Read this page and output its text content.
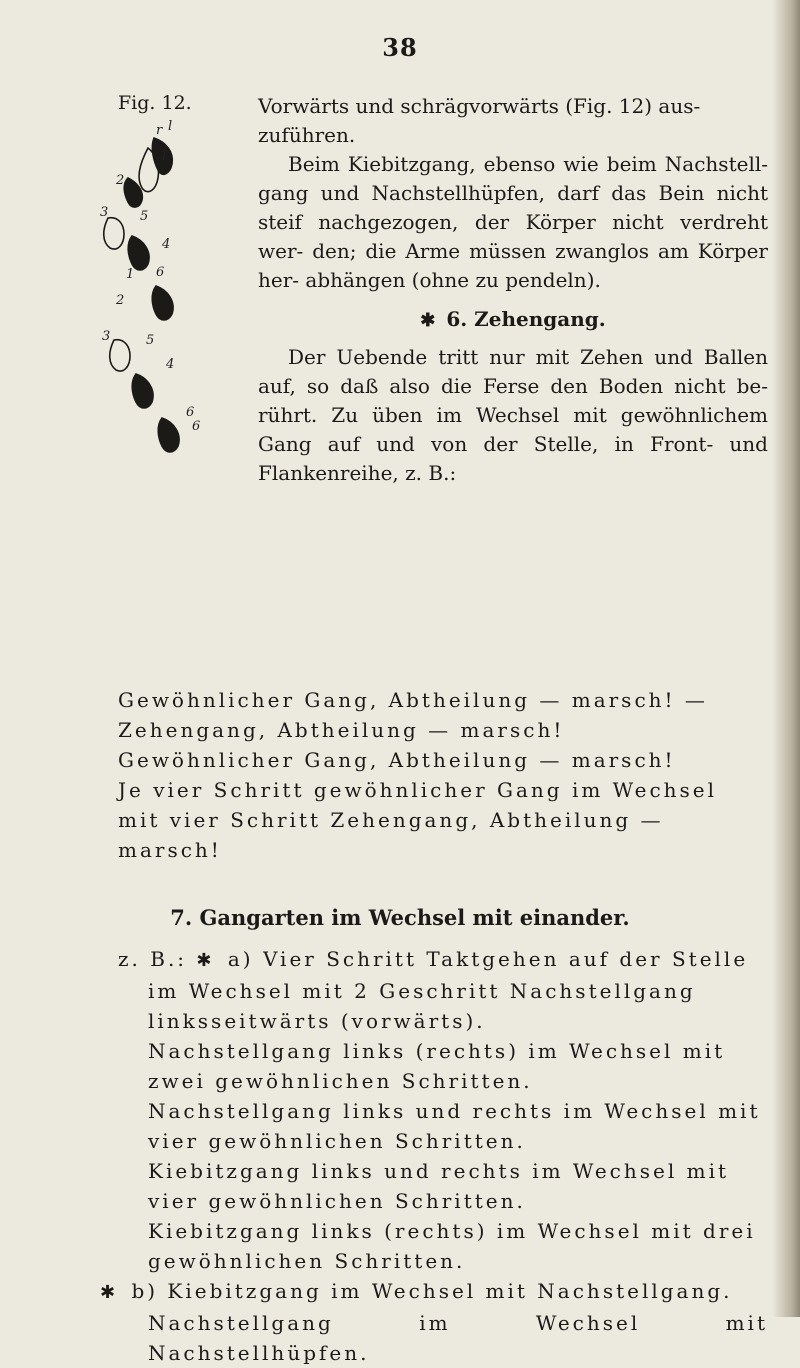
38
Fig. 12.
r l
2
1
3 5
4
6
2
3	5
4
6
1
6

Vorwärts und schrägvorwärts (Fig. 12) aus-

zuführen.

Beim Kiebitzgang, ebenso wie beim Nachstell- gang und Nachstellhüpfen, darf das Bein nicht steif nachgezogen, der Körper nicht verdreht wer- den; die Arme müssen zwanglos am Körper her- abhängen (ohne zu pendeln).

✱ 6. Zehengang.

Der Uebende tritt nur mit Zehen und Ballen auf, so daß also die Ferse den Boden nicht be- rührt. Zu üben im Wechsel mit gewöhnlichem Gang auf und von der Stelle, in Front- und Flankenreihe, z. B.:

Gewöhnlicher Gang, Abtheilung — marsch! —

Zehengang, Abtheilung — marsch!

Gewöhnlicher Gang, Abtheilung — marsch!

Je vier Schritt gewöhnlicher Gang im Wechsel

mit vier Schritt Zehengang, Abtheilung —

marsch!

7. Gangarten im Wechsel mit einander.

z. B.: ✱ a) Vier Schritt Taktgehen auf der Stelle

im Wechsel mit 2 Geschritt Nachstellgang

linksseitwärts (vorwärts).

Nachstellgang links (rechts) im Wechsel mit

zwei gewöhnlichen Schritten.

Nachstellgang links und rechts im Wechsel mit

vier gewöhnlichen Schritten.

Kiebitzgang links und rechts im Wechsel mit

vier gewöhnlichen Schritten.

Kiebitzgang links (rechts) im Wechsel mit drei

gewöhnlichen Schritten.

✱ b) Kiebitzgang im Wechsel mit Nachstellgang.

Nachstellgang im Wechsel mit Nachstellhüpfen.
